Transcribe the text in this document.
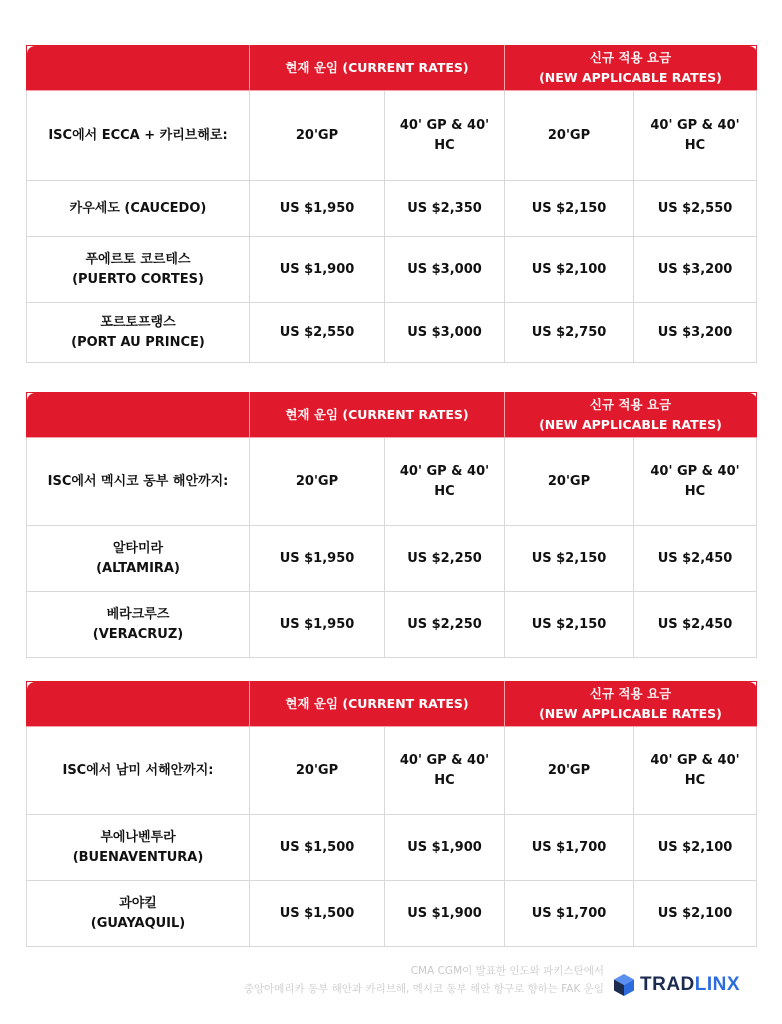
	현재 운임 (CURRENT RATES)		신규 적용 요금
(NEW APPLICABLE RATES)	

ISC에서 ECCA + 카리브해로:	20'GP	40' GP & 40' HC	20'GP	40' GP & 40' HC

카우세도 (CAUCEDO)	US $1,950	US $2,350	US $2,150	US $2,550

푸에르토 코르테스
(PUERTO CORTES)	US $1,900	US $3,000	US $2,100	US $3,200

포르토프랭스
(PORT AU PRINCE)	US $2,550	US $3,000	US $2,750	US $3,200
	현재 운임 (CURRENT RATES)		신규 적용 요금
(NEW APPLICABLE RATES)	

ISC에서 멕시코 동부 해안까지:	20'GP	40' GP & 40' HC	20'GP	40' GP & 40' HC

알타미라
(ALTAMIRA)	US $1,950	US $2,250	US $2,150	US $2,450

베라크루즈
(VERACRUZ)	US $1,950	US $2,250	US $2,150	US $2,450
	현재 운임 (CURRENT RATES)		신규 적용 요금
(NEW APPLICABLE RATES)	

ISC에서 남미 서해안까지:	20'GP	40' GP & 40' HC	20'GP	40' GP & 40' HC

부에나벤투라
(BUENAVENTURA)	US $1,500	US $1,900	US $1,700	US $2,100

과야킬
(GUAYAQUIL)	US $1,500	US $1,900	US $1,700	US $2,100
CMA CGM이 발표한 인도와 파키스탄에서
중앙아메리카 동부 해안과 카리브해, 멕시코 동부 해안 항구로 향하는 FAK 운임 TRADLINX
